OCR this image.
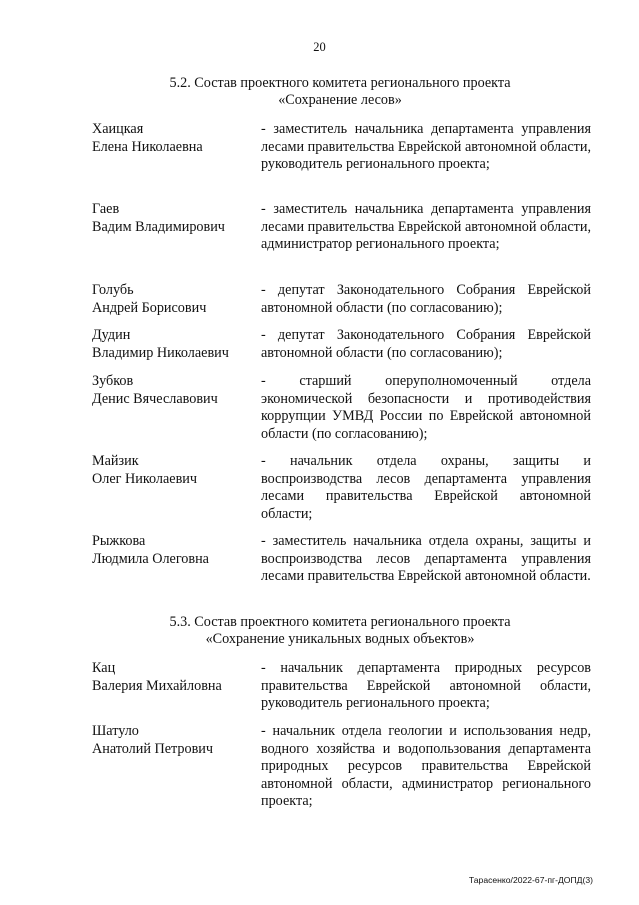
20
5.2. Состав проектного комитета регионального проекта
«Сохранение лесов»
Хаицкая
Елена Николаевна
- заместитель начальника департамента управления лесами правительства Еврейской автономной области, руководитель регионального проекта;
Гаев
Вадим Владимирович
- заместитель начальника департамента управления лесами правительства Еврейской автономной области, администратор регионального проекта;
Голубь
Андрей Борисович
- депутат Законодательного Собрания Еврейской автономной области (по согласованию);
Дудин
Владимир Николаевич
- депутат Законодательного Собрания Еврейской автономной области (по согласованию);
Зубков
Денис Вячеславович
- старший оперуполномоченный отдела экономической безопасности и противодействия коррупции УМВД России по Еврейской автономной области (по согласованию);
Майзик
Олег Николаевич
- начальник отдела охраны, защиты и воспроизводства лесов департамента управления лесами правительства Еврейской автономной области;
Рыжкова
Людмила Олеговна
- заместитель начальника отдела охраны, защиты и воспроизводства лесов департамента управления лесами правительства Еврейской автономной области.
5.3. Состав проектного комитета регионального проекта
«Сохранение уникальных водных объектов»
Кац
Валерия Михайловна
- начальник департамента природных ресурсов правительства Еврейской автономной области, руководитель регионального проекта;
Шатуло
Анатолий Петрович
- начальник отдела геологии и использования недр, водного хозяйства и водопользования департамента природных ресурсов правительства Еврейской автономной области, администратор регионального проекта;
Тарасенко/2022-67-пг-ДОПД(3)
